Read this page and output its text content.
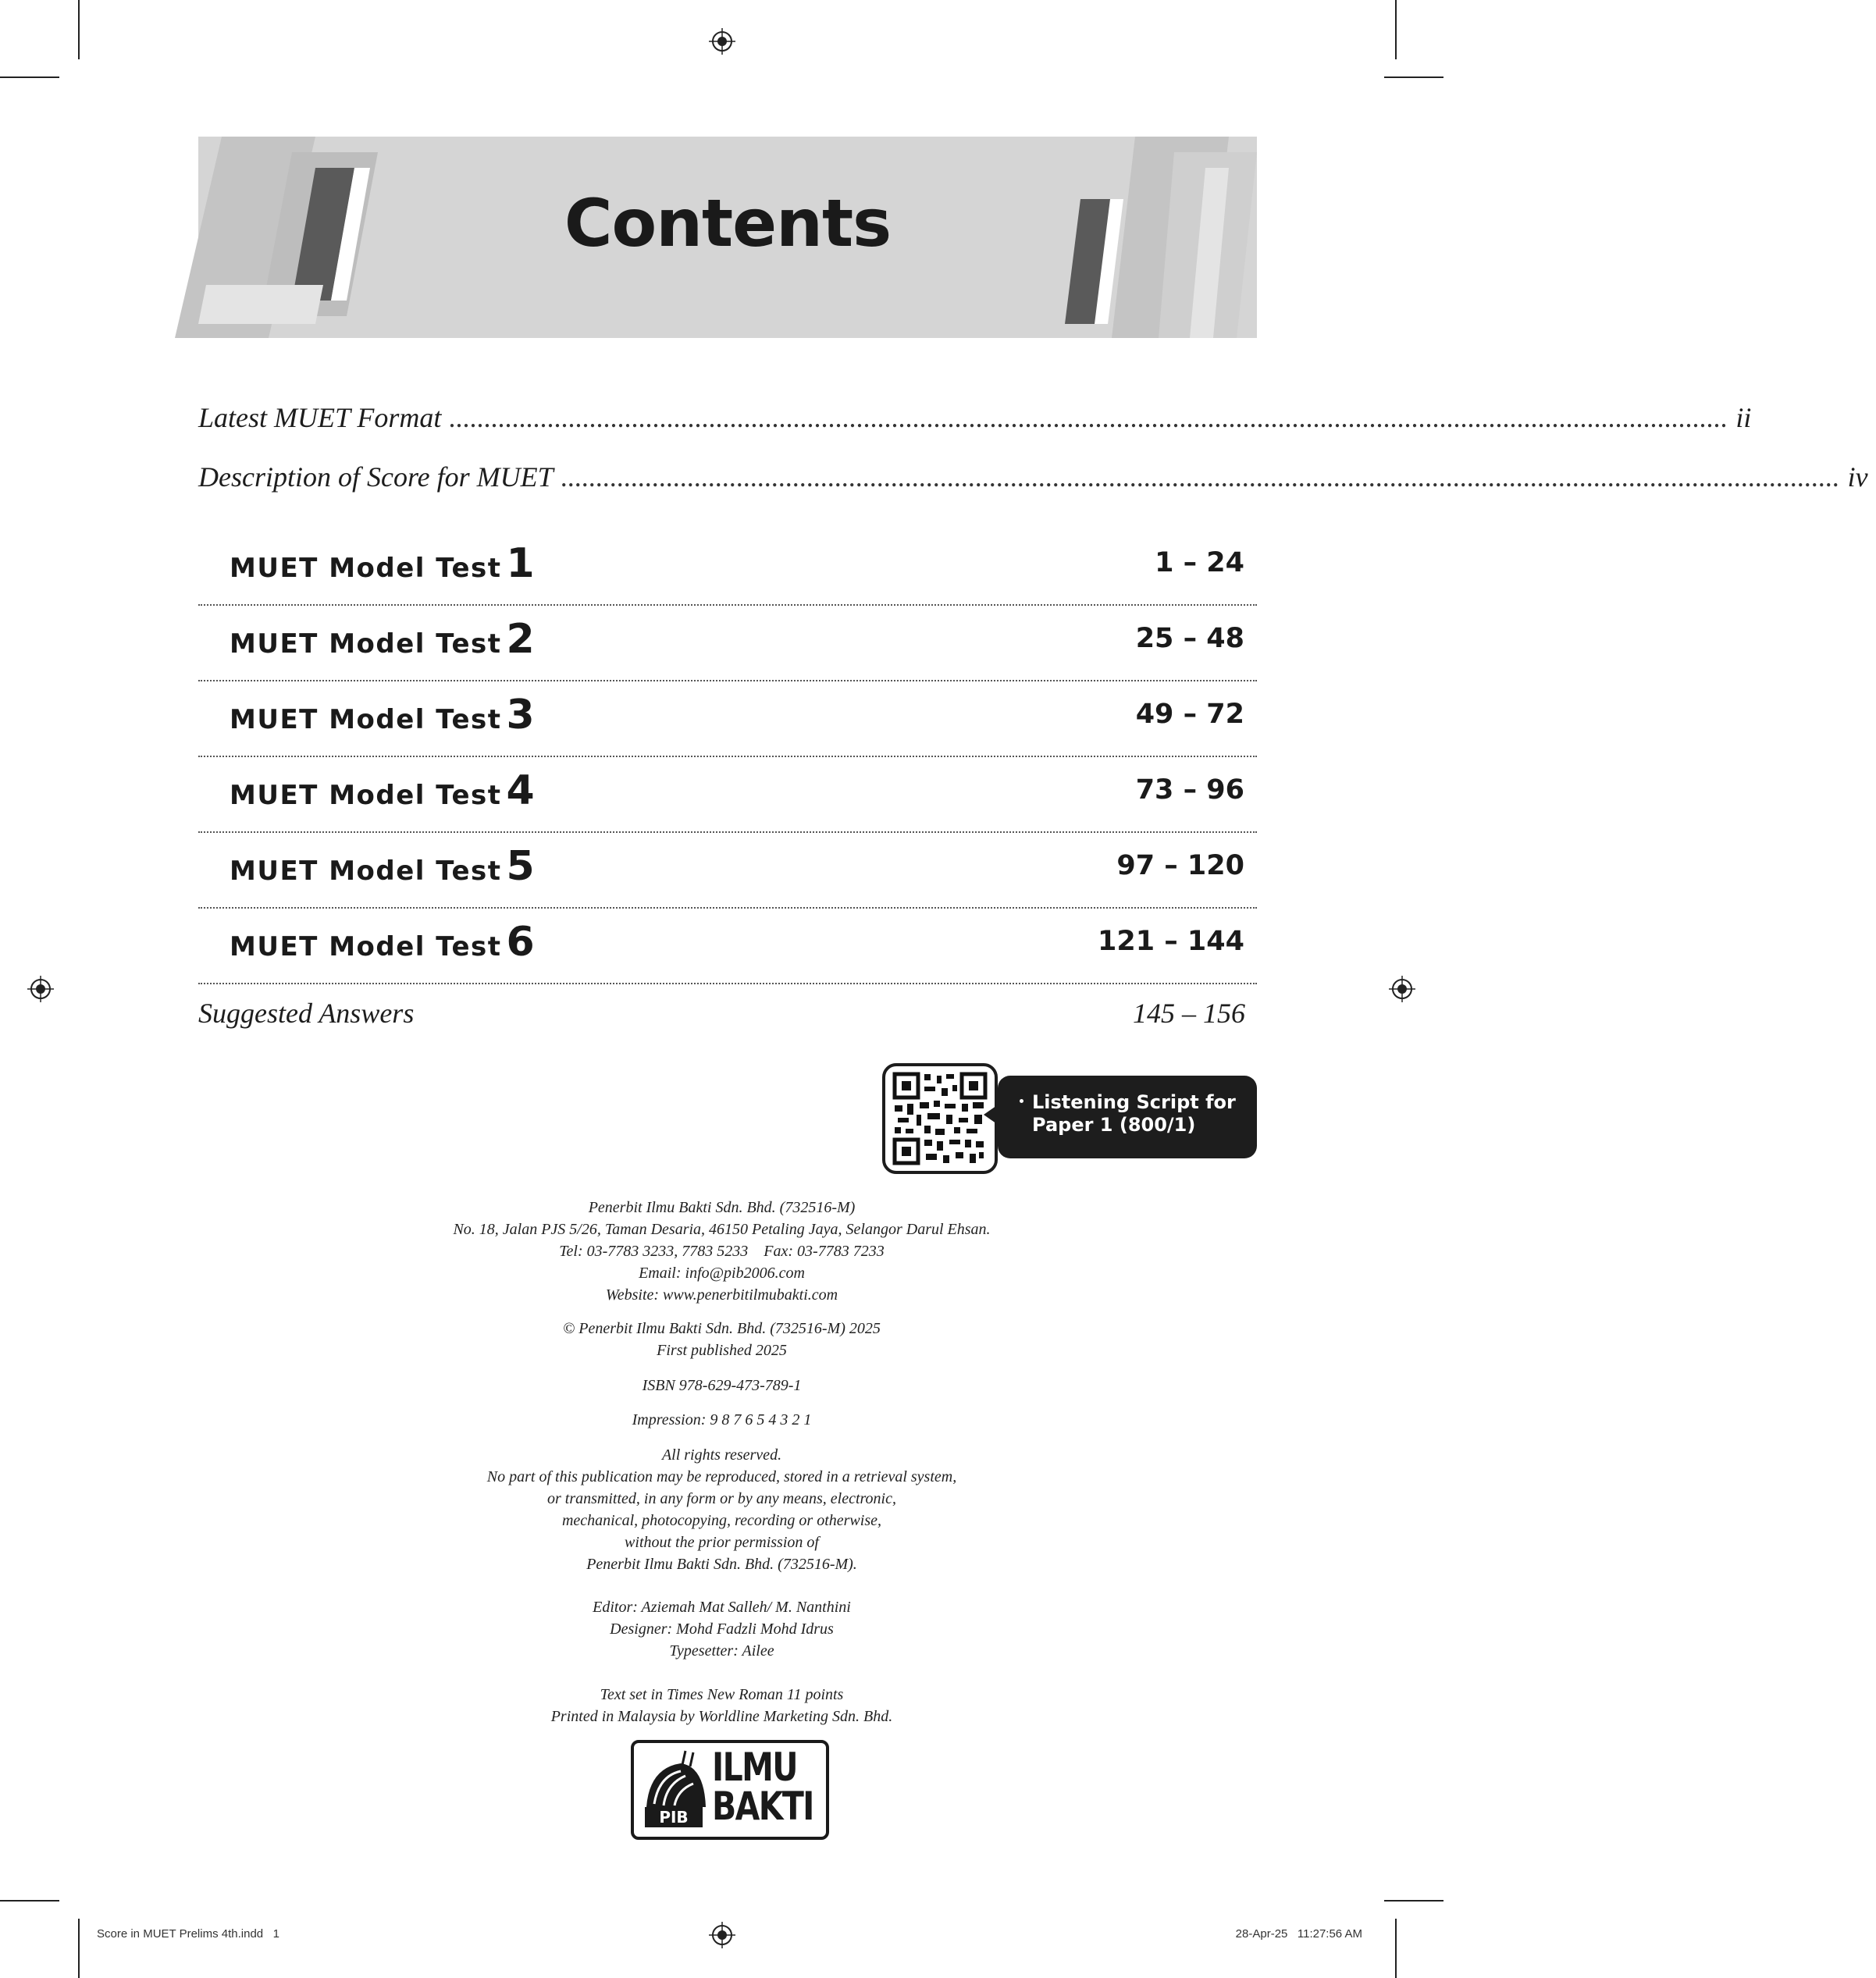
Contents
Latest MUET Format ...................................................................................................................................................................................... ii
Description of Score for MUET ...................................................................................................................................................................................... iv
MUET Model Test 1	1 – 24
MUET Model Test 2	25 – 48
MUET Model Test 3	49 – 72
MUET Model Test 4	73 – 96
MUET Model Test 5	97 – 120
MUET Model Test 6	121 – 144
Suggested Answers	145 – 156
Listening Script for
Paper 1 (800/1)
Penerbit Ilmu Bakti Sdn. Bhd. (732516-M)
No. 18, Jalan PJS 5/26, Taman Desaria, 46150 Petaling Jaya, Selangor Darul Ehsan.
Tel: 03-7783 3233, 7783 5233    Fax: 03-7783 7233
Email: info@pib2006.com
Website: www.penerbitilmubakti.com
© Penerbit Ilmu Bakti Sdn. Bhd. (732516-M) 2025
First published 2025
ISBN 978-629-473-789-1
Impression: 9 8 7 6 5 4 3 2 1
All rights reserved.
No part of this publication may be reproduced, stored in a retrieval system,
or transmitted, in any form or by any means, electronic,
mechanical, photocopying, recording or otherwise,
without the prior permission of
Penerbit Ilmu Bakti Sdn. Bhd. (732516-M).
Editor: Aziemah Mat Salleh/ M. Nanthini
Designer: Mohd Fadzli Mohd Idrus
Typesetter: Ailee
Text set in Times New Roman 11 points
Printed in Malaysia by Worldline Marketing Sdn. Bhd.
PIB
ILMU
BAKTI
Score in MUET Prelims 4th.indd   1	28-Apr-25   11:27:56 AM
